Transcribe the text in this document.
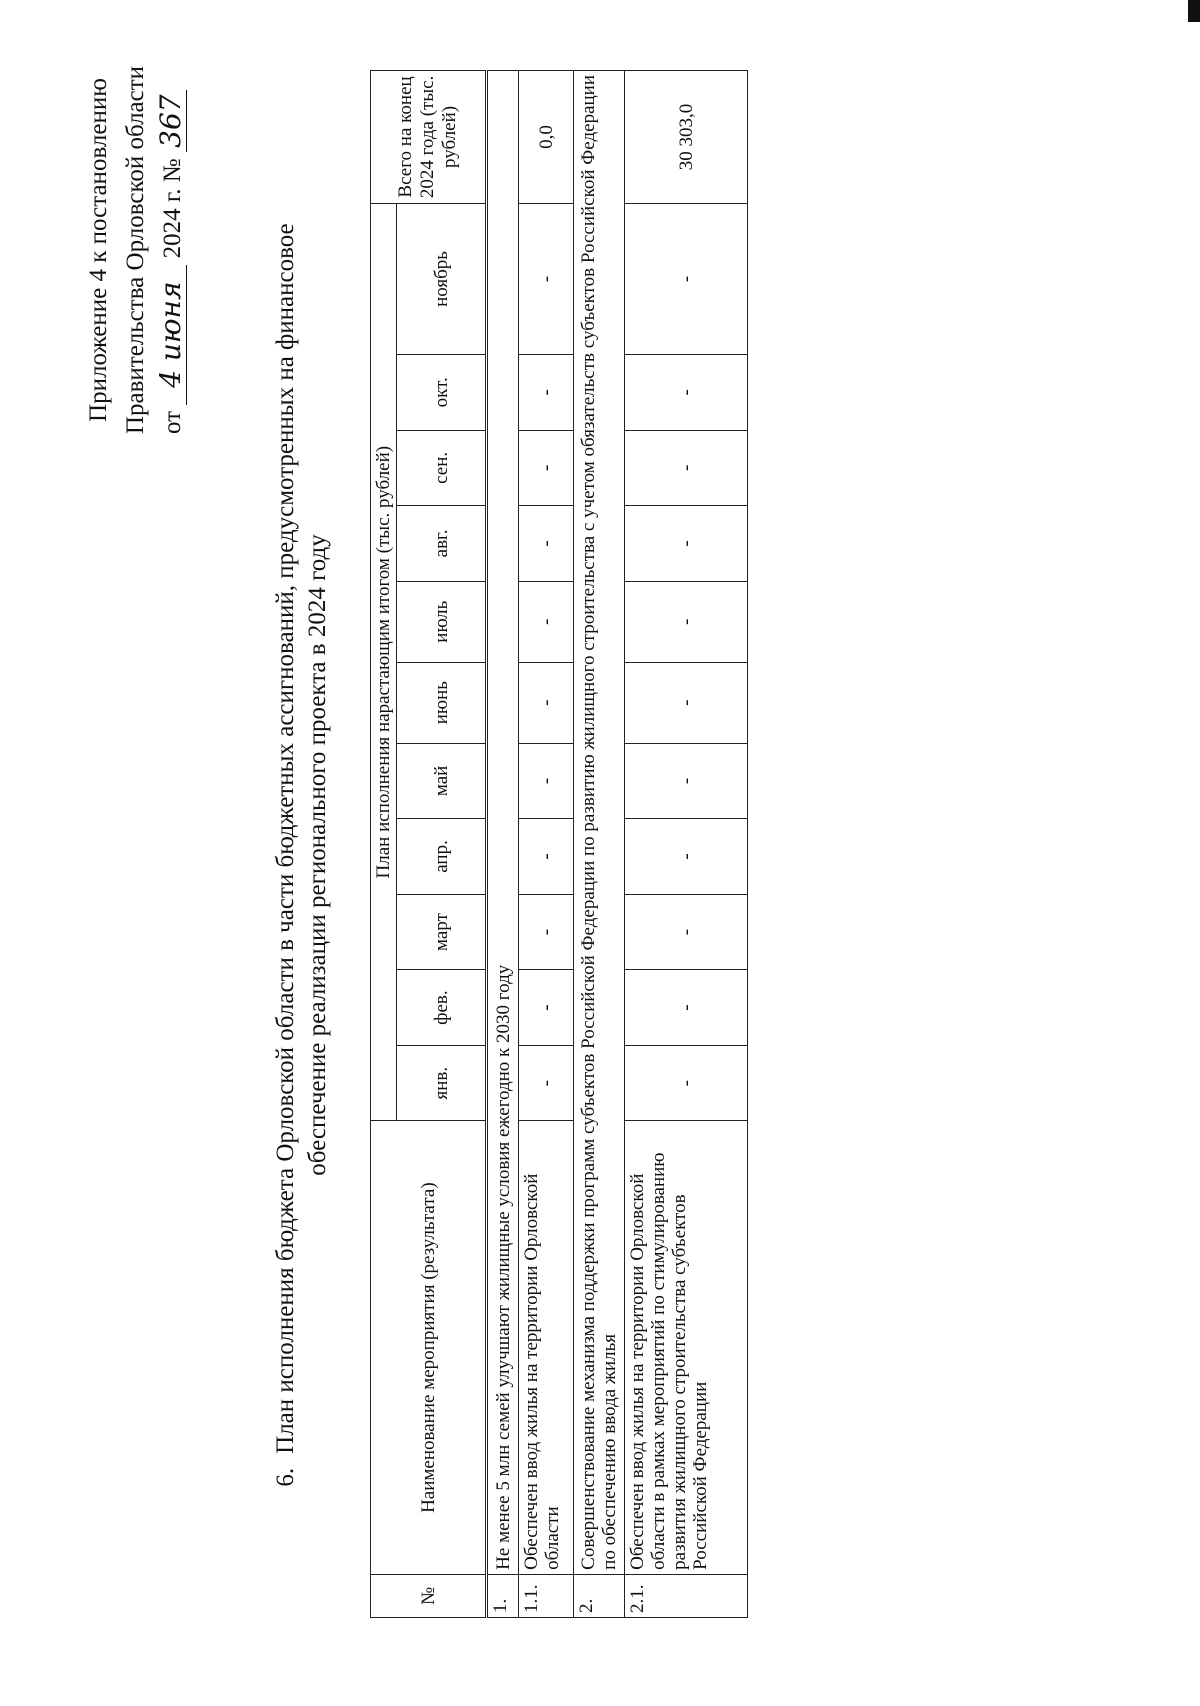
Приложение 4 к постановлению Правительства Орловской области от 4 июня 2024 г. № 367
6.План исполнения бюджета Орловской области в части бюджетных ассигнований, предусмотренных на финансовое обеспечение реализации регионального проекта в 2024 году
№	Наименование мероприятия (результата)	План исполнения нарастающим итогом (тыс. рублей)											Всего на конец 2024 года (тыс. рублей)
		янв.	фев.	март	апр.	май	июнь	июль	авг.	сен.	окт.	ноябрь	
1.	Не менее 5 млн семей улучшают жилищные условия ежегодно к 2030 году												
1.1.	Обеспечен ввод жилья на территории Орловской области	-	-	-	-	-	-	-	-	-	-	-	0,0
2.	Совершенствование механизма поддержки программ субъектов Российской Федерации по развитию жилищного строительства с учетом обязательств субъектов Российской Федерации по обеспечению ввода жилья												
2.1.	Обеспечен ввод жилья на территории Орловской области в рамках мероприятий по стимулированию развития жилищного строительства субъектов Российской Федерации	-	-	-	-	-	-	-	-	-	-	-	30 303,0
